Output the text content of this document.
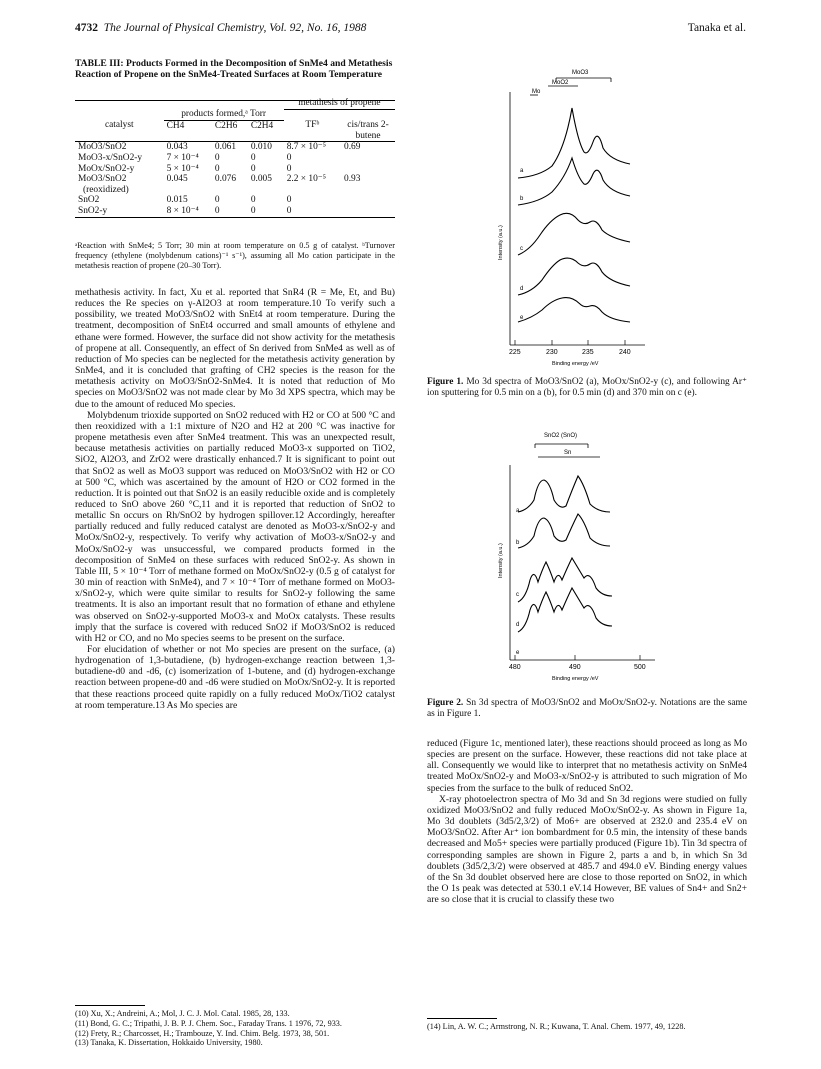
4732 The Journal of Physical Chemistry, Vol. 92, No. 16, 1988	Tanaka et al.
TABLE III: Products Formed in the Decomposition of SnMe4 and Metathesis Reaction of Propene on the SnMe4-Treated Surfaces at Room Temperature
				metathesis of propene	
	products formed,ᵃ Torr				
catalyst	CH4	C2H6	C2H4	TFᵇ	cis/trans 2-butene
MoO3/SnO2	0.043	0.061	0.010	8.7 × 10⁻⁵	0.69
MoO3-x/SnO2-y	7 × 10⁻⁴	0	0	0	
MoOx/SnO2-y	5 × 10⁻⁴	0	0	0	
MoO3/SnO2	0.045	0.076	0.005	2.2 × 10⁻⁵	0.93
(reoxidized)					
SnO2	0.015	0	0	0	
SnO2-y	8 × 10⁻⁴	0	0	0	
ᵃReaction with SnMe4; 5 Torr; 30 min at room temperature on 0.5 g of catalyst. ᵇTurnover frequency (ethylene (molybdenum cations)⁻¹ s⁻¹), assuming all Mo cation participate in the metathesis reaction of propene (20–30 Torr).

methathesis activity. In fact, Xu et al. reported that SnR4 (R = Me, Et, and Bu) reduces the Re species on γ-Al2O3 at room temperature.10 To verify such a possibility, we treated MoO3/SnO2 with SnEt4 at room temperature. During the treatment, decomposition of SnEt4 occurred and small amounts of ethylene and ethane were formed. However, the surface did not show activity for the metathesis of propene at all. Consequently, an effect of Sn derived from SnMe4 as well as of reduction of Mo species can be neglected for the metathesis activity generation by SnMe4, and it is concluded that grafting of CH2 species is the reason for the metathesis activity on MoO3/SnO2-SnMe4. It is noted that reduction of Mo species on MoO3/SnO2 was not made clear by Mo 3d XPS spectra, which may be due to the amount of reduced Mo species.

Molybdenum trioxide supported on SnO2 reduced with H2 or CO at 500 °C and then reoxidized with a 1:1 mixture of N2O and H2 at 200 °C was inactive for propene metathesis even after SnMe4 treatment. This was an unexpected result, because metathesis activities on partially reduced MoO3-x supported on TiO2, SiO2, Al2O3, and ZrO2 were drastically enhanced.7 It is significant to point out that SnO2 as well as MoO3 support was reduced on MoO3/SnO2 with H2 or CO at 500 °C, which was ascertained by the amount of H2O or CO2 formed in the reduction. It is pointed out that SnO2 is an easily reducible oxide and is completely reduced to SnO above 260 °C,11 and it is reported that reduction of SnO2 to metallic Sn occurs on Rh/SnO2 by hydrogen spillover.12 Accordingly, hereafter partially reduced and fully reduced catalyst are denoted as MoO3-x/SnO2-y and MoOx/SnO2-y, respectively. To verify why activation of MoO3-x/SnO2-y and MoOx/SnO2-y was unsuccessful, we compared products formed in the decomposition of SnMe4 on these surfaces with reduced SnO2-y. As shown in Table III, 5 × 10⁻⁴ Torr of methane formed on MoOx/SnO2-y (0.5 g of catalyst for 30 min of reaction with SnMe4), and 7 × 10⁻⁴ Torr of methane formed on MoO3-x/SnO2-y, which were quite similar to results for SnO2-y following the same treatments. It is also an important result that no formation of ethane and ethylene was observed on SnO2-y-supported MoO3-x and MoOx catalysts. These results imply that the surface is covered with reduced SnO2 if MoO3/SnO2 is reduced with H2 or CO, and no Mo species seems to be present on the surface.

For elucidation of whether or not Mo species are present on the surface, (a) hydrogenation of 1,3-butadiene, (b) hydrogen-exchange reaction between 1,3-butadiene-d0 and -d6, (c) isomerization of 1-butene, and (d) hydrogen-exchange reaction between propene-d0 and -d6 were studied on MoOx/SnO2-y. It is reported that these reactions proceed quite rapidly on a fully reduced MoOx/TiO2 catalyst at room temperature.13 As Mo species are

(10) Xu, X.; Andreini, A.; Mol, J. C. J. Mol. Catal. 1985, 28, 133.
(11) Bond, G. C.; Tripathi, J. B. P. J. Chem. Soc., Faraday Trans. 1 1976, 72, 933.
(12) Frety, R.; Charcosset, H.; Trambouze, Y. Ind. Chim. Belg. 1973, 38, 501.
(13) Tanaka, K. Dissertation, Hokkaido University, 1980.
Mo
MoO2
MoO3
225	230	235	240
Binding energy /eV
Intensity (a.u.)
a
b
c
d
e
Figure 1. Mo 3d spectra of MoO3/SnO2 (a), MoOx/SnO2-y (c), and following Ar⁺ ion sputtering for 0.5 min on a (b), for 0.5 min (d) and 370 min on c (e).
SnO2 (SnO)
Sn
480	490	500
Binding energy /eV
Intensity (a.u.)
a
b
c
d
e
Figure 2. Sn 3d spectra of MoO3/SnO2 and MoOx/SnO2-y. Notations are the same as in Figure 1.

reduced (Figure 1c, mentioned later), these reactions should proceed as long as Mo species are present on the surface. However, these reactions did not take place at all. Consequently we would like to interpret that no metathesis activity on SnMe4 treated MoOx/SnO2-y and MoO3-x/SnO2-y is attributed to such migration of Mo species from the surface to the bulk of reduced SnO2.

X-ray photoelectron spectra of Mo 3d and Sn 3d regions were studied on fully oxidized MoO3/SnO2 and fully reduced MoOx/SnO2-y. As shown in Figure 1a, Mo 3d doublets (3d5/2,3/2) of Mo6+ are observed at 232.0 and 235.4 eV on MoO3/SnO2. After Ar⁺ ion bombardment for 0.5 min, the intensity of these bands decreased and Mo5+ species were partially produced (Figure 1b). Tin 3d spectra of corresponding samples are shown in Figure 2, parts a and b, in which Sn 3d doublets (3d5/2,3/2) were observed at 485.7 and 494.0 eV. Binding energy values of the Sn 3d doublet observed here are close to those reported on SnO2, in which the O 1s peak was detected at 530.1 eV.14 However, BE values of Sn4+ and Sn2+ are so close that it is crucial to classify these two

(14) Lin, A. W. C.; Armstrong, N. R.; Kuwana, T. Anal. Chem. 1977, 49, 1228.
